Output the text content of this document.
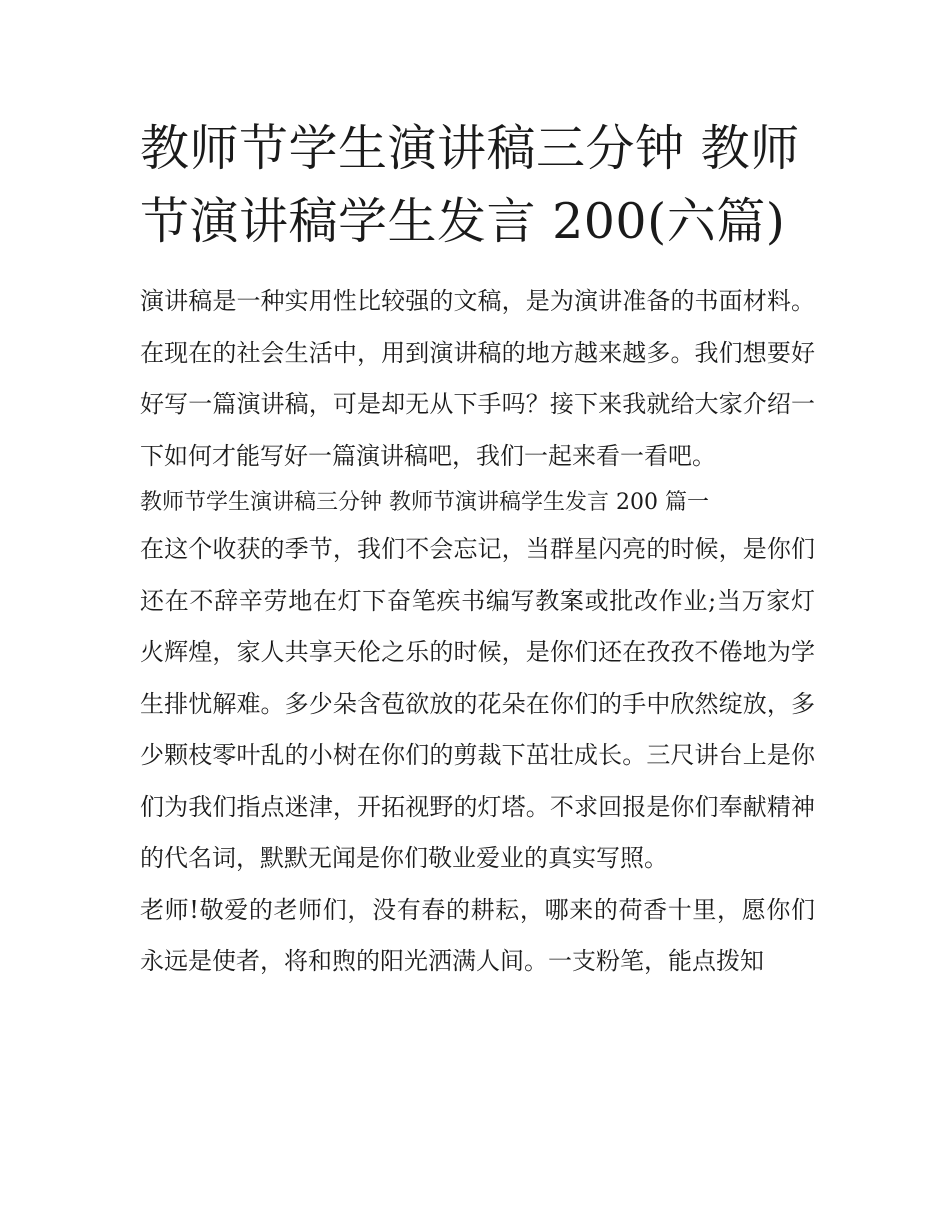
教师节学生演讲稿三分钟 教师节演讲稿学生发言 200(六篇)

演讲稿是一种实用性比较强的文稿，是为演讲准备的书面材料。在现在的社会生活中，用到演讲稿的地方越来越多。我们想要好好写一篇演讲稿，可是却无从下手吗？接下来我就给大家介绍一下如何才能写好一篇演讲稿吧，我们一起来看一看吧。

教师节学生演讲稿三分钟 教师节演讲稿学生发言 200 篇一

在这个收获的季节，我们不会忘记，当群星闪亮的时候，是你们还在不辞辛劳地在灯下奋笔疾书编写教案或批改作业;当万家灯火辉煌，家人共享天伦之乐的时候，是你们还在孜孜不倦地为学生排忧解难。多少朵含苞欲放的花朵在你们的手中欣然绽放，多少颗枝零叶乱的小树在你们的剪裁下茁壮成长。三尺讲台上是你们为我们指点迷津，开拓视野的灯塔。不求回报是你们奉献精神的代名词，默默无闻是你们敬业爱业的真实写照。

老师!敬爱的老师们，没有春的耕耘，哪来的荷香十里，愿你们永远是使者，将和煦的阳光洒满人间。一支粉笔，能点拨知
